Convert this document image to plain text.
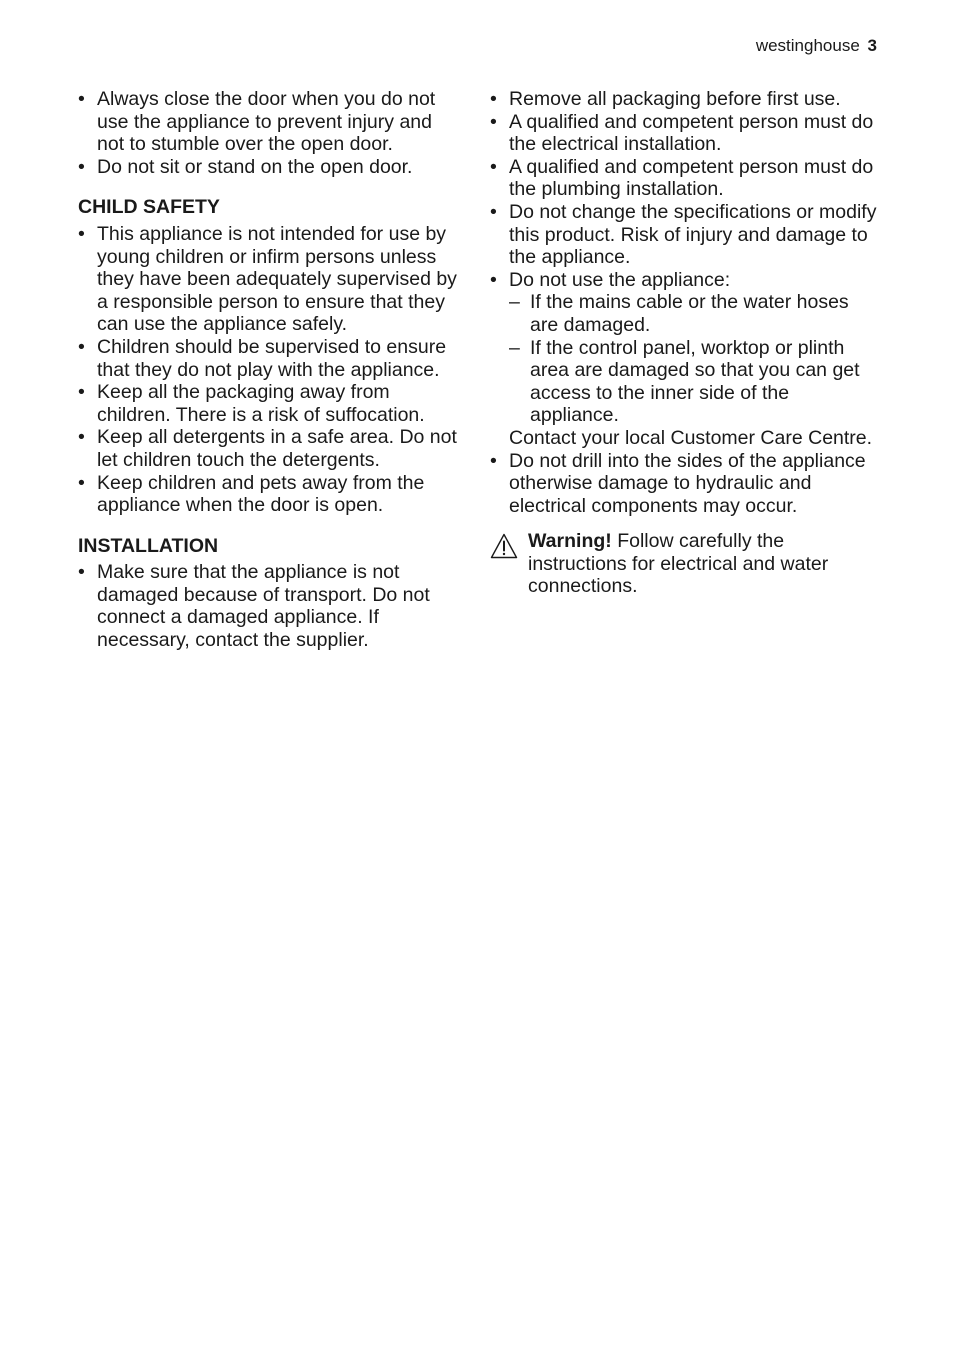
westinghouse 3
• Always close the door when you do not use the appliance to prevent injury and not to stumble over the open door.
• Do not sit or stand on the open door.
CHILD SAFETY
• This appliance is not intended for use by young children or infirm persons unless they have been adequately supervised by a responsible person to ensure that they can use the appliance safely.
• Children should be supervised to ensure that they do not play with the appliance.
• Keep all the packaging away from children. There is a risk of suffocation.
• Keep all detergents in a safe area. Do not let children touch the detergents.
• Keep children and pets away from the appliance when the door is open.
INSTALLATION
• Make sure that the appliance is not damaged because of transport. Do not connect a damaged appliance. If necessary, contact the supplier.
• Remove all packaging before first use.
• A qualified and competent person must do the electrical installation.
• A qualified and competent person must do the plumbing installation.
• Do not change the specifications or modify this product. Risk of injury and damage to the appliance.
• Do not use the appliance:
– If the mains cable or the water hoses are damaged.
– If the control panel, worktop or plinth area are damaged so that you can get access to the inner side of the appliance.
Contact your local Customer Care Centre.
• Do not drill into the sides of the appliance otherwise damage to hydraulic and electrical components may occur.
Warning! Follow carefully the instructions for electrical and water connections.
